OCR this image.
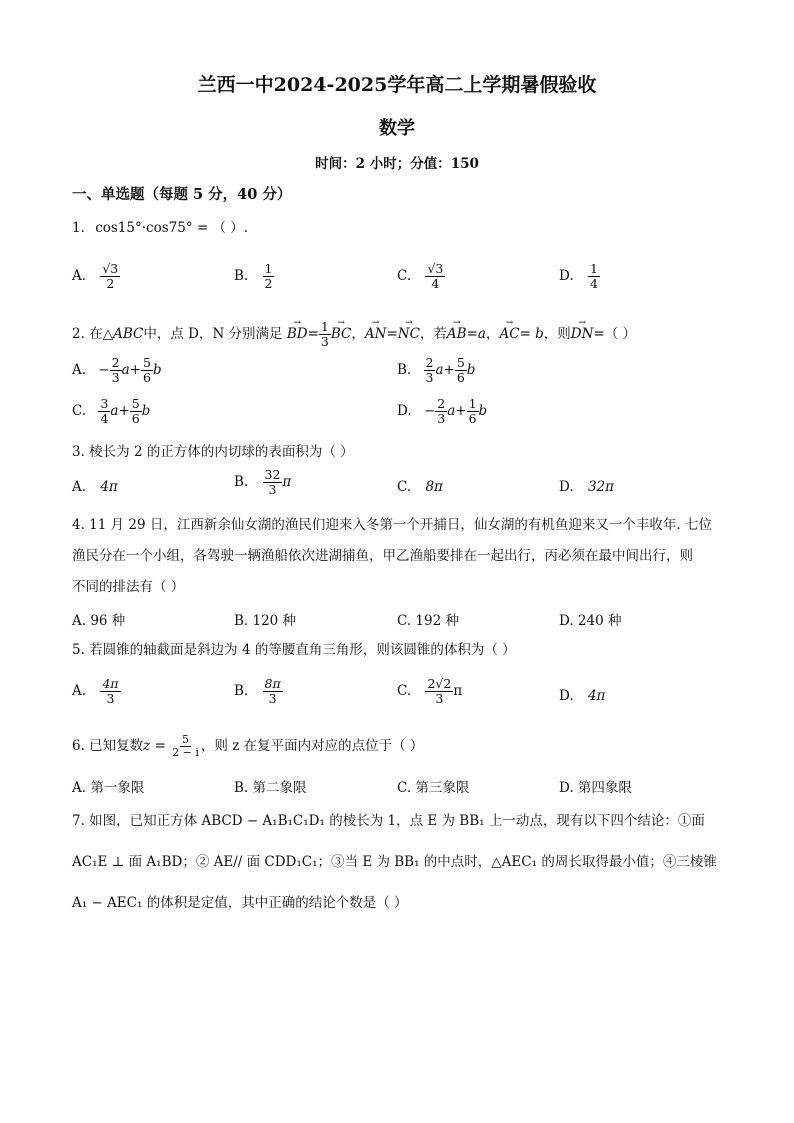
兰西一中2024-2025学年高二上学期暑假验收
数学
时间：2 小时；分值：150
一、单选题（每题 5 分，40 分）
1. cos15°·cos75° = （ ）.
A. $\frac{√3}{2}$	B. $\frac{1}{2}$	C. $\frac{√3}{4}$	D. $\frac{1}{4}$
2. 在△ABC中，点 D，N 分别满足 → $BD= \frac{1}{3}$ → BC，→ AN=→ NC，若→ AB=a，→ AC= b，则→ DN=（ ）
A. − $\frac{2}{3} a+ \frac{5}{6}$ b	B. $\frac{2}{3} a+ \frac{5}{6}$ b
C. $\frac{3}{4} a+ \frac{5}{6}$ b	D. − $\frac{2}{3} a+ \frac{1}{6}$ b
3. 棱长为 2 的正方体的内切球的表面积为（ ）
A. 4π	B. $\frac{32}{3}$ π	C. 8π	D. 32π
4. 11 月 29 日，江西新余仙女湖的渔民们迎来入冬第一个开捕日，仙女湖的有机鱼迎来又一个丰收年. 七位
渔民分在一个小组，各驾驶一辆渔船依次进湖捕鱼，甲乙渔船要排在一起出行，丙必须在最中间出行，则
不同的排法有（ ）
A. 96 种	B. 120 种	C. 192 种	D. 240 种
5. 若圆锥的轴截面是斜边为 4 的等腰直角三角形，则该圆锥的体积为（ ）
A. $\frac{4\pi}{3}$	B. $\frac{8\pi}{3}$	C. $\frac{2√2}{3}$ π	D. 4π
6. 已知复数$z = \frac{5}{2 - i}$ ，则 z 在复平面内对应的点位于（ ）
A. 第一象限	B. 第二象限	C. 第三象限	D. 第四象限
7. 如图，已知正方体 ABCD − A₁B₁C₁D₁ 的棱长为 1，点 E 为 BB₁ 上一动点，现有以下四个结论：①面
AC₁E ⊥ 面 A₁BD；② AE// 面 CDD₁C₁；③当 E 为 BB₁ 的中点时，△AEC₁ 的周长取得最小值；④三棱锥
A₁ − AEC₁ 的体积是定值，其中正确的结论个数是（ ）
